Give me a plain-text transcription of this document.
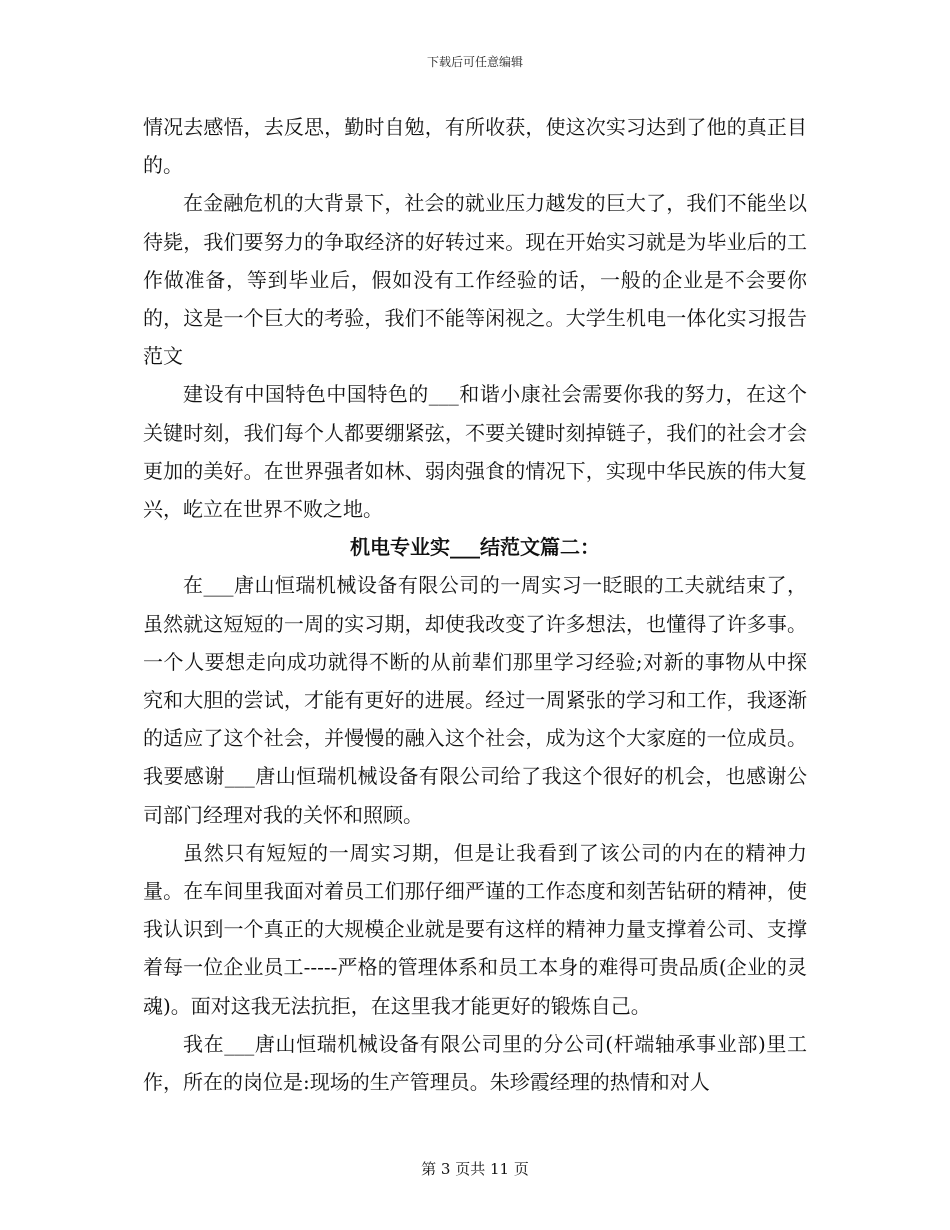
下载后可任意编辑

情况去感悟，去反思，勤时自勉，有所收获，使这次实习达到了他的真正目的。

在金融危机的大背景下，社会的就业压力越发的巨大了，我们不能坐以待毙，我们要努力的争取经济的好转过来。现在开始实习就是为毕业后的工作做准备，等到毕业后，假如没有工作经验的话，一般的企业是不会要你的，这是一个巨大的考验，我们不能等闲视之。大学生机电一体化实习报告范文

建设有中国特色中国特色的___和谐小康社会需要你我的努力，在这个关键时刻，我们每个人都要绷紧弦，不要关键时刻掉链子，我们的社会才会更加的美好。在世界强者如林、弱肉强食的情况下，实现中华民族的伟大复兴，屹立在世界不败之地。

机电专业实___结范文篇二：

在___唐山恒瑞机械设备有限公司的一周实习一眨眼的工夫就结束了，虽然就这短短的一周的实习期，却使我改变了许多想法，也懂得了许多事。一个人要想走向成功就得不断的从前辈们那里学习经验;对新的事物从中探究和大胆的尝试，才能有更好的进展。经过一周紧张的学习和工作，我逐渐的适应了这个社会，并慢慢的融入这个社会，成为这个大家庭的一位成员。我要感谢___唐山恒瑞机械设备有限公司给了我这个很好的机会，也感谢公司部门经理对我的关怀和照顾。

虽然只有短短的一周实习期，但是让我看到了该公司的内在的精神力量。在车间里我面对着员工们那仔细严谨的工作态度和刻苦钻研的精神，使我认识到一个真正的大规模企业就是要有这样的精神力量支撑着公司、支撑着每一位企业员工-----严格的管理体系和员工本身的难得可贵品质(企业的灵魂)。面对这我无法抗拒，在这里我才能更好的锻炼自己。

我在___唐山恒瑞机械设备有限公司里的分公司(杆端轴承事业部)里工作，所在的岗位是:现场的生产管理员。朱珍霞经理的热情和对人

第 3 页共 11 页
